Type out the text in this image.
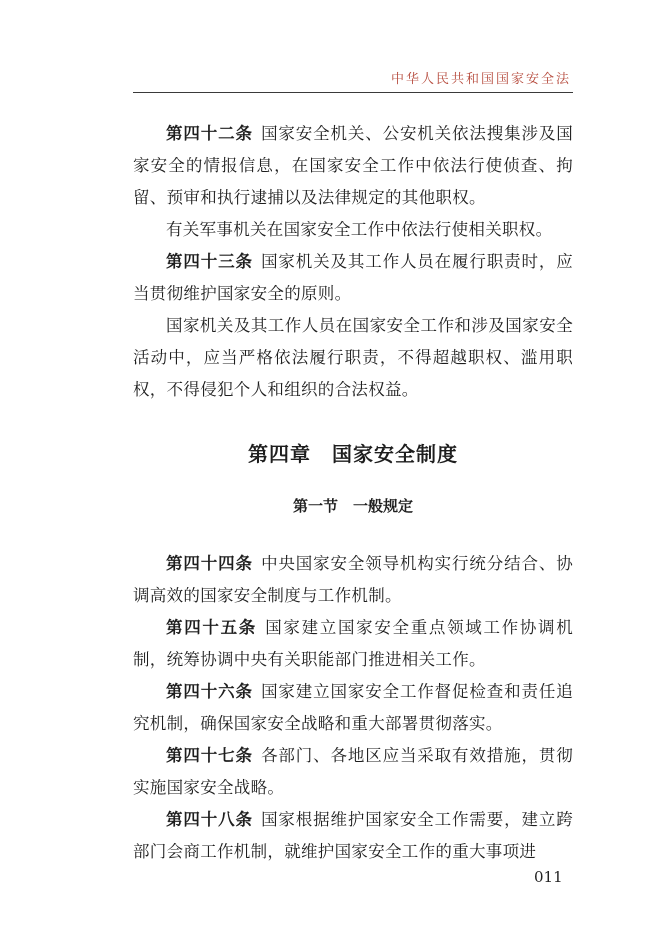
中华人民共和国国家安全法

第四十二条 国家安全机关、公安机关依法搜集涉及国家安全的情报信息，在国家安全工作中依法行使侦查、拘留、预审和执行逮捕以及法律规定的其他职权。

有关军事机关在国家安全工作中依法行使相关职权。

第四十三条 国家机关及其工作人员在履行职责时，应当贯彻维护国家安全的原则。

国家机关及其工作人员在国家安全工作和涉及国家安全活动中，应当严格依法履行职责，不得超越职权、滥用职权，不得侵犯个人和组织的合法权益。

第四章　国家安全制度
第一节　一般规定

第四十四条 中央国家安全领导机构实行统分结合、协调高效的国家安全制度与工作机制。

第四十五条 国家建立国家安全重点领域工作协调机制，统筹协调中央有关职能部门推进相关工作。

第四十六条 国家建立国家安全工作督促检查和责任追究机制，确保国家安全战略和重大部署贯彻落实。

第四十七条 各部门、各地区应当采取有效措施，贯彻实施国家安全战略。

第四十八条 国家根据维护国家安全工作需要，建立跨部门会商工作机制，就维护国家安全工作的重大事项进

011
